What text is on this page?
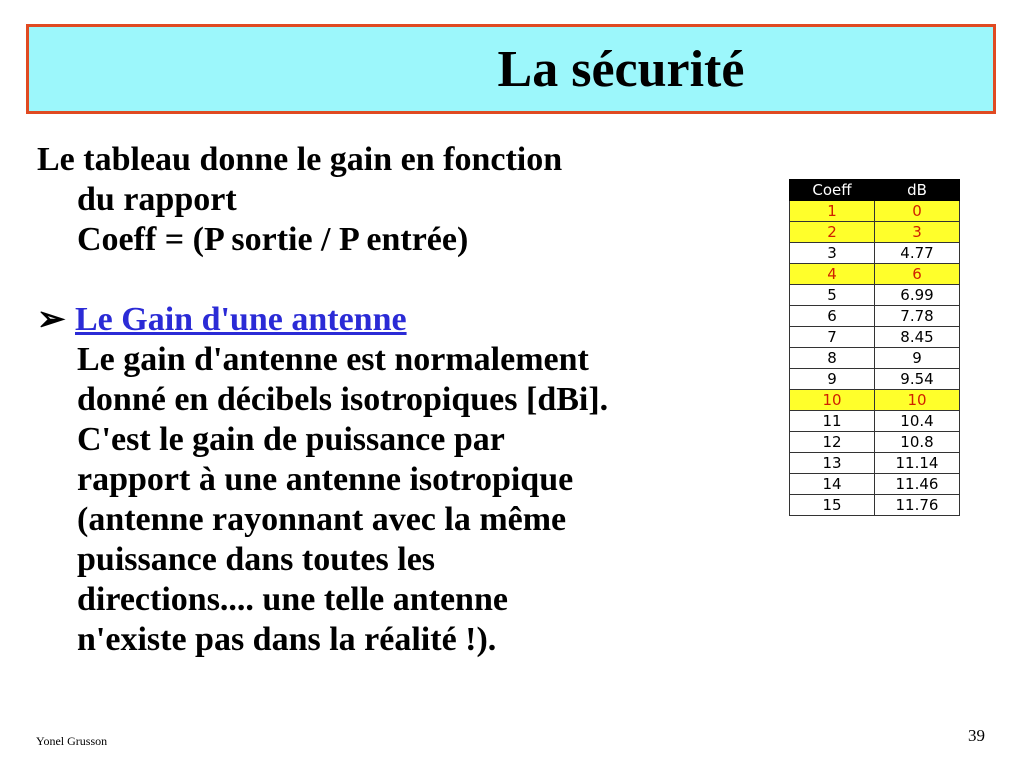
La sécurité
Le tableau donne le gain en fonction
du rapport
Coeff = (P sortie / P entrée)
➢ Le Gain d'une antenne
Le gain d'antenne est normalement
donné en décibels isotropiques [dBi].
C'est le gain de puissance par
rapport à une antenne isotropique
(antenne rayonnant avec la même
puissance dans toutes les
directions.... une telle antenne
n'existe pas dans la réalité !).
Coeff	dB
1	0
2	3
3	4.77
4	6
5	6.99
6	7.78
7	8.45
8	9
9	9.54
10	10
11	10.4
12	10.8
13	11.14
14	11.46
15	11.76
Yonel Grusson	39
